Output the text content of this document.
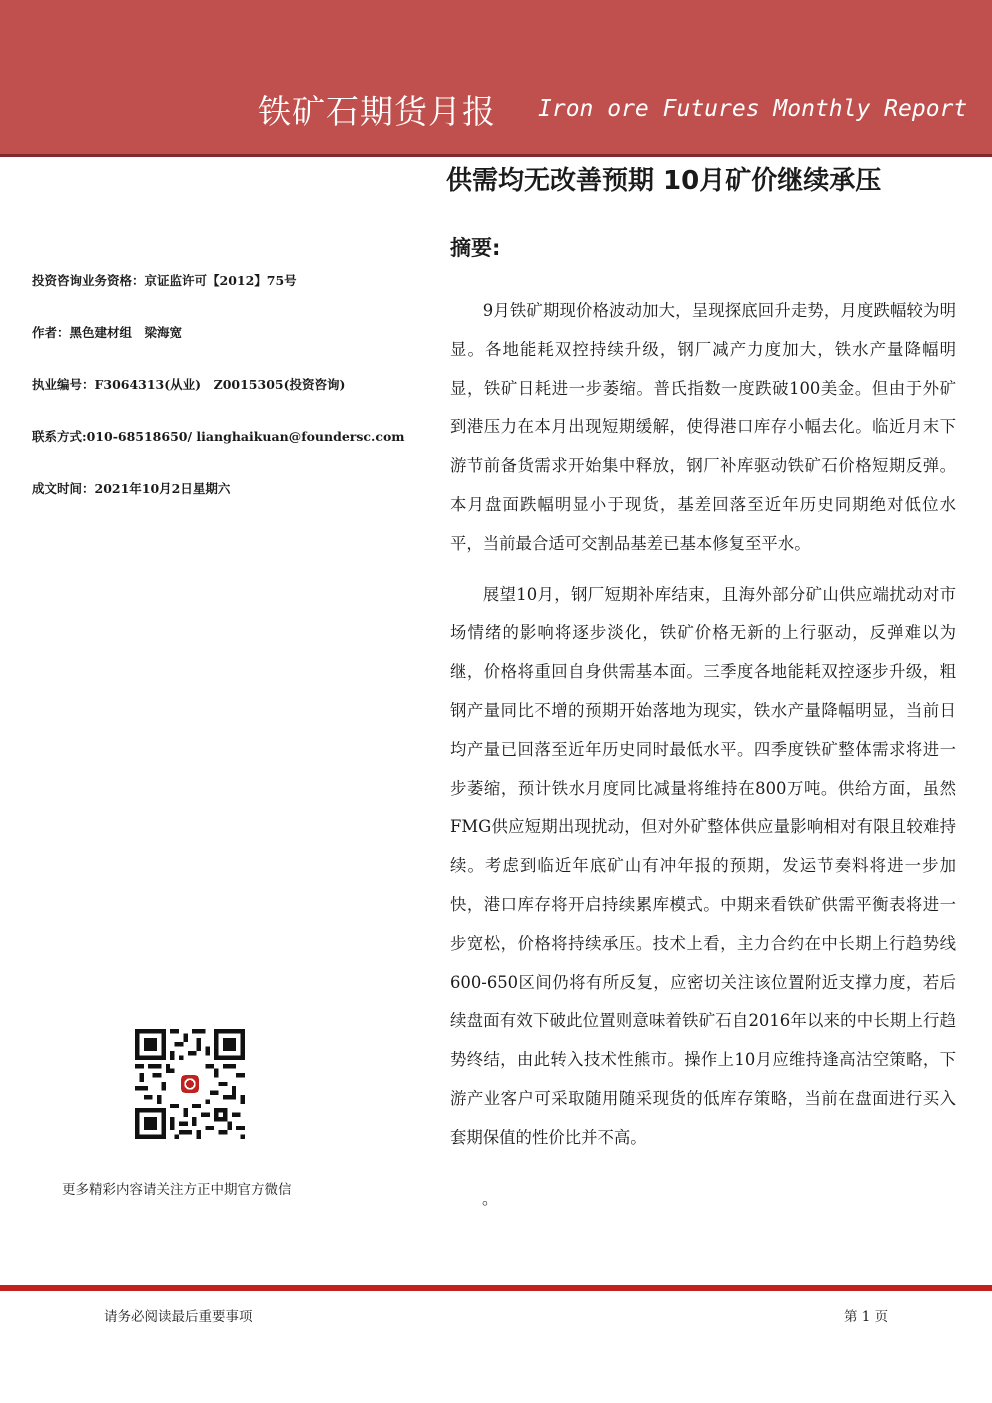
铁矿石期货月报 Iron ore Futures Monthly Report
供需均无改善预期 10月矿价继续承压
摘要:
投资咨询业务资格：京证监许可【2012】75号
作者：黑色建材组　梁海宽
执业编号：F3064313(从业)　Z0015305(投资咨询)
联系方式:010-68518650/ lianghaikuan@foundersc.com
成文时间：2021年10月2日星期六

9月铁矿期现价格波动加大，呈现探底回升走势，月度跌幅较为明显。各地能耗双控持续升级，钢厂减产力度加大，铁水产量降幅明显，铁矿日耗进一步萎缩。普氏指数一度跌破100美金。但由于外矿到港压力在本月出现短期缓解，使得港口库存小幅去化。临近月末下游节前备货需求开始集中释放，钢厂补库驱动铁矿石价格短期反弹。本月盘面跌幅明显小于现货，基差回落至近年历史同期绝对低位水平，当前最合适可交割品基差已基本修复至平水。

展望10月，钢厂短期补库结束，且海外部分矿山供应端扰动对市场情绪的影响将逐步淡化，铁矿价格无新的上行驱动，反弹难以为继，价格将重回自身供需基本面。三季度各地能耗双控逐步升级，粗钢产量同比不增的预期开始落地为现实，铁水产量降幅明显，当前日均产量已回落至近年历史同时最低水平。四季度铁矿整体需求将进一步萎缩，预计铁水月度同比减量将维持在800万吨。供给方面，虽然FMG供应短期出现扰动，但对外矿整体供应量影响相对有限且较难持续。考虑到临近年底矿山有冲年报的预期，发运节奏料将进一步加快，港口库存将开启持续累库模式。中期来看铁矿供需平衡表将进一步宽松，价格将持续承压。技术上看，主力合约在中长期上行趋势线600-650区间仍将有所反复，应密切关注该位置附近支撑力度，若后续盘面有效下破此位置则意味着铁矿石自2016年以来的中长期上行趋势终结，由此转入技术性熊市。操作上10月应维持逢高沽空策略，下游产业客户可采取随用随采现货的低库存策略，当前在盘面进行买入套期保值的性价比并不高。

。
更多精彩内容请关注方正中期官方微信
请务必阅读最后重要事项	第 1 页
